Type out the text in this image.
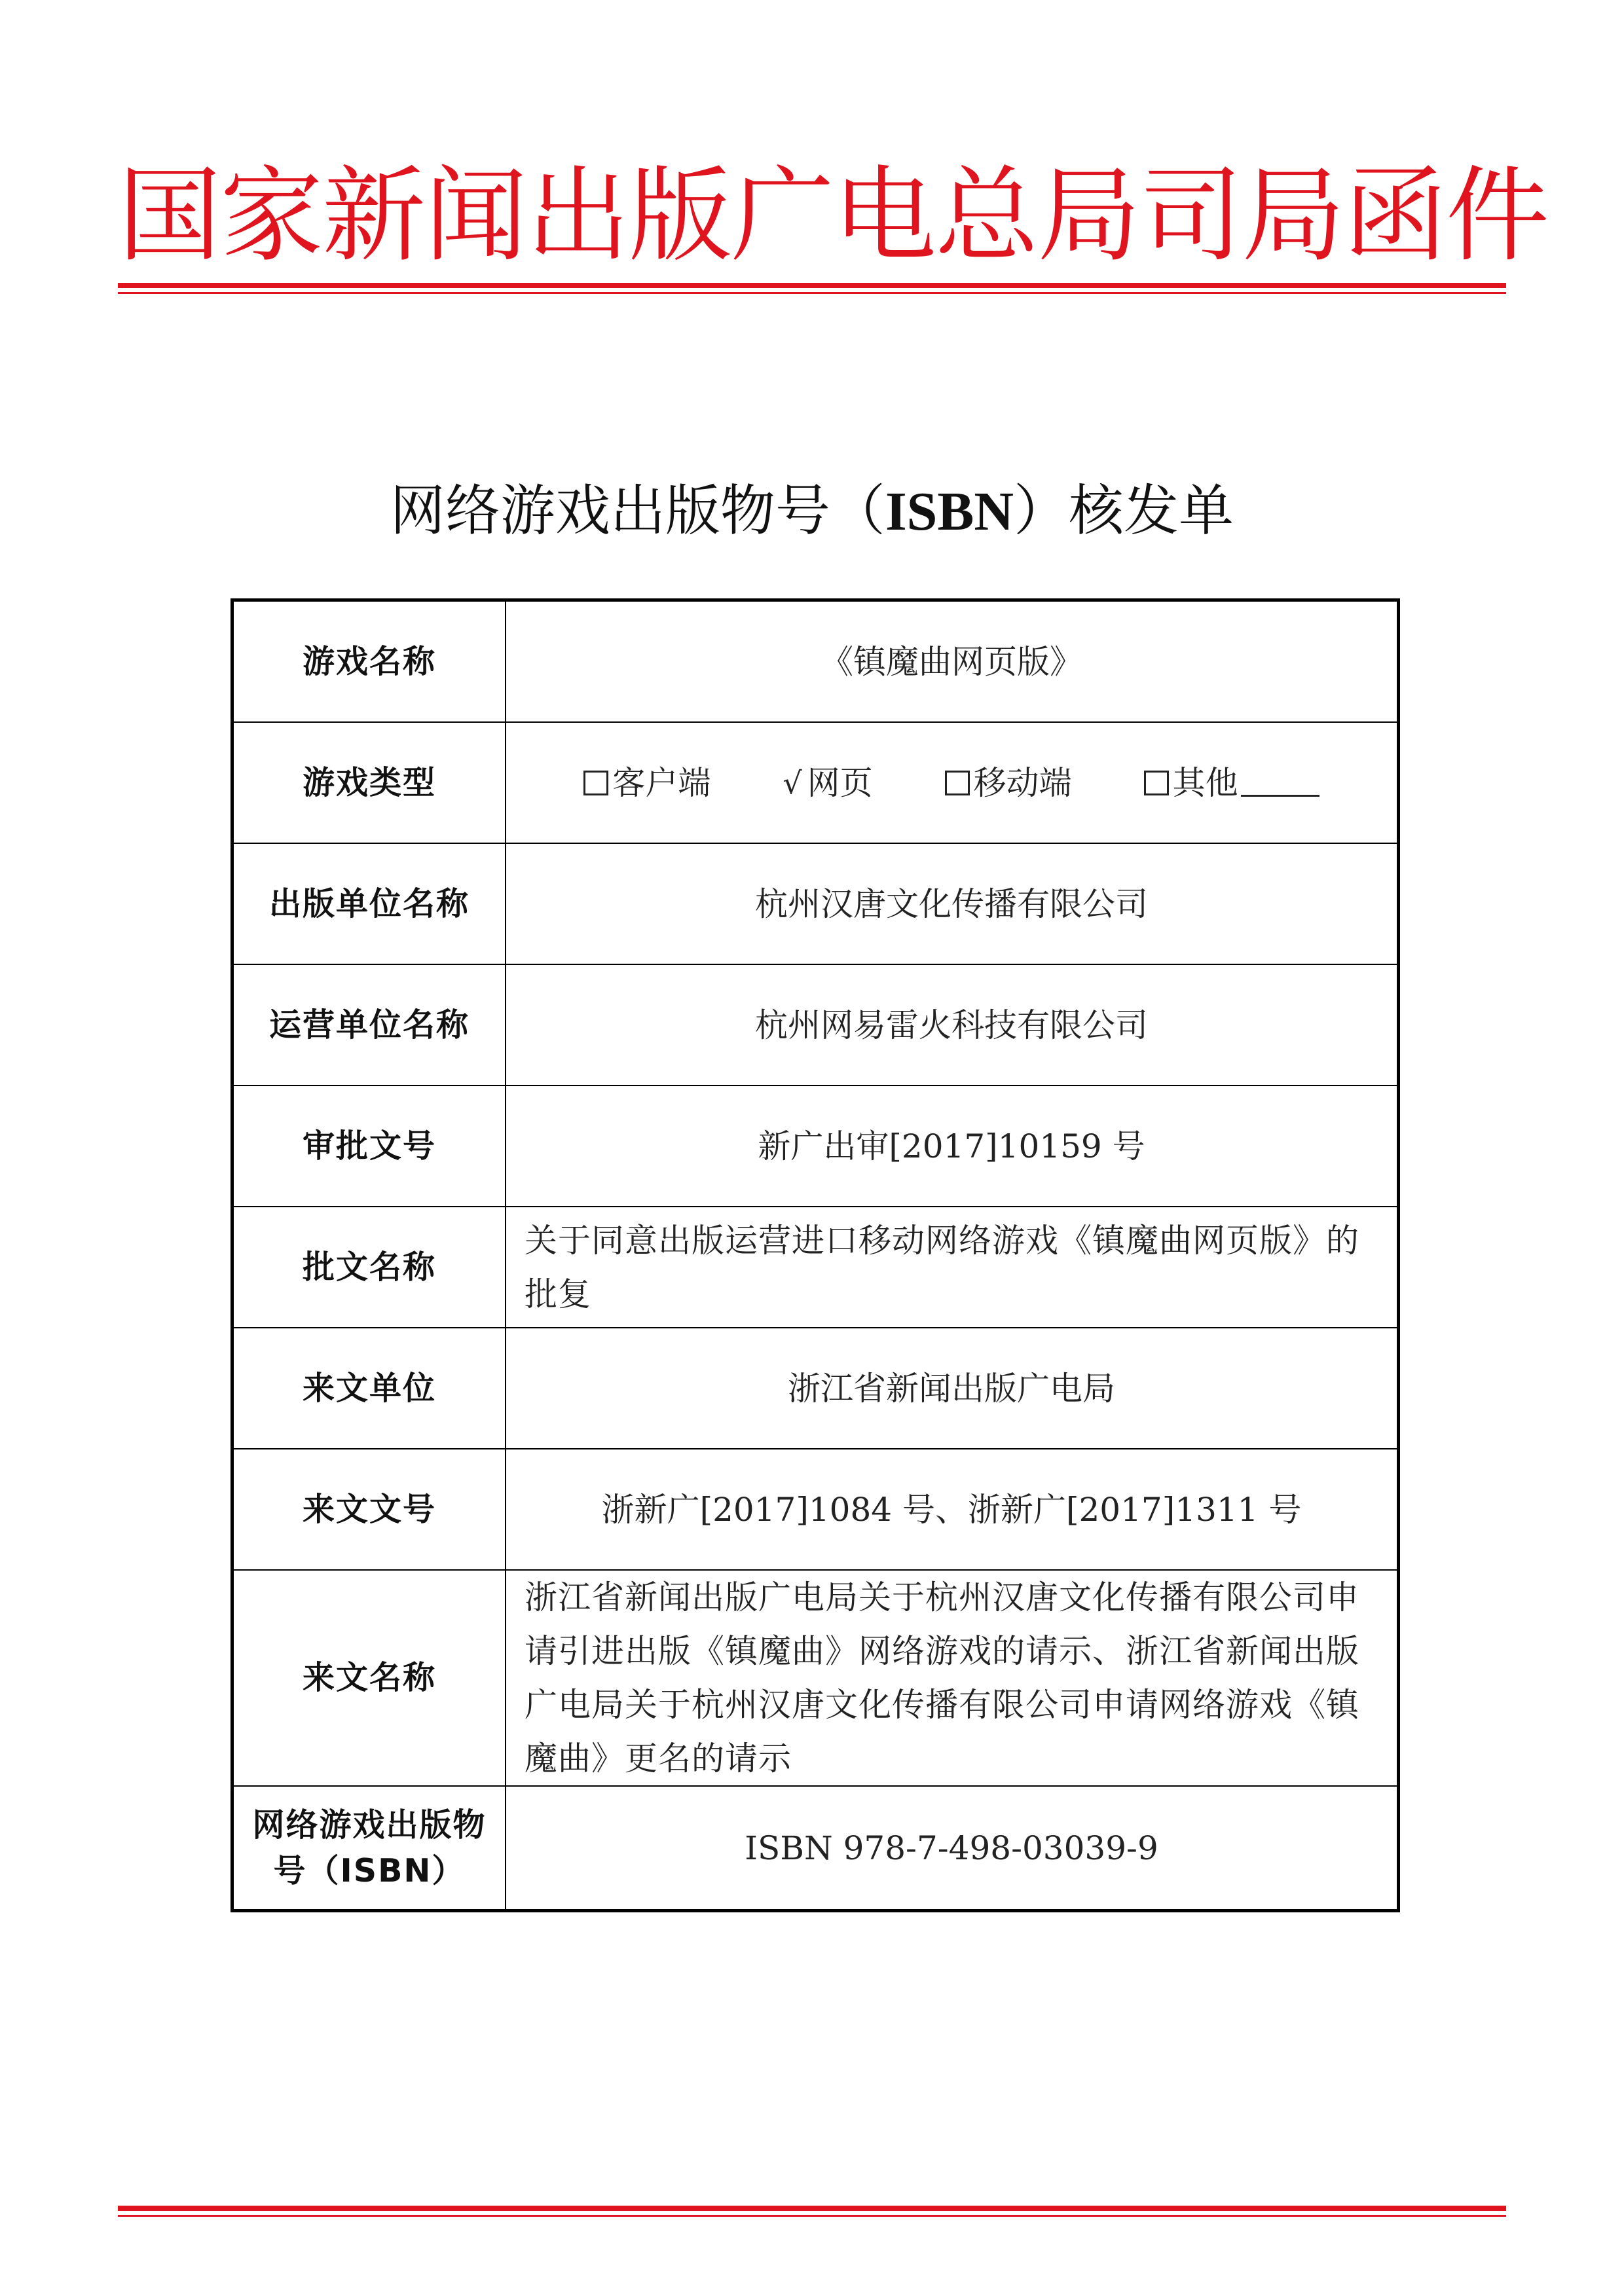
国家新闻出版广电总局司局函件
网络游戏出版物号（ISBN）核发单
游戏名称	《镇魔曲网页版》
游戏类型	客户端 √ 网页 移动端 其他

出版单位名称	杭州汉唐文化传播有限公司
运营单位名称	杭州网易雷火科技有限公司
审批文号	新广出审[2017]10159 号
批文名称	关于同意出版运营进口移动网络游戏《镇魔曲网页版》的批复
来文单位	浙江省新闻出版广电局
来文文号	浙新广[2017]1084 号、浙新广[2017]1311 号
来文名称	浙江省新闻出版广电局关于杭州汉唐文化传播有限公司申请引进出版《镇魔曲》网络游戏的请示、浙江省新闻出版广电局关于杭州汉唐文化传播有限公司申请网络游戏《镇魔曲》更名的请示
网络游戏出版物号（ISBN）	ISBN 978-7-498-03039-9
